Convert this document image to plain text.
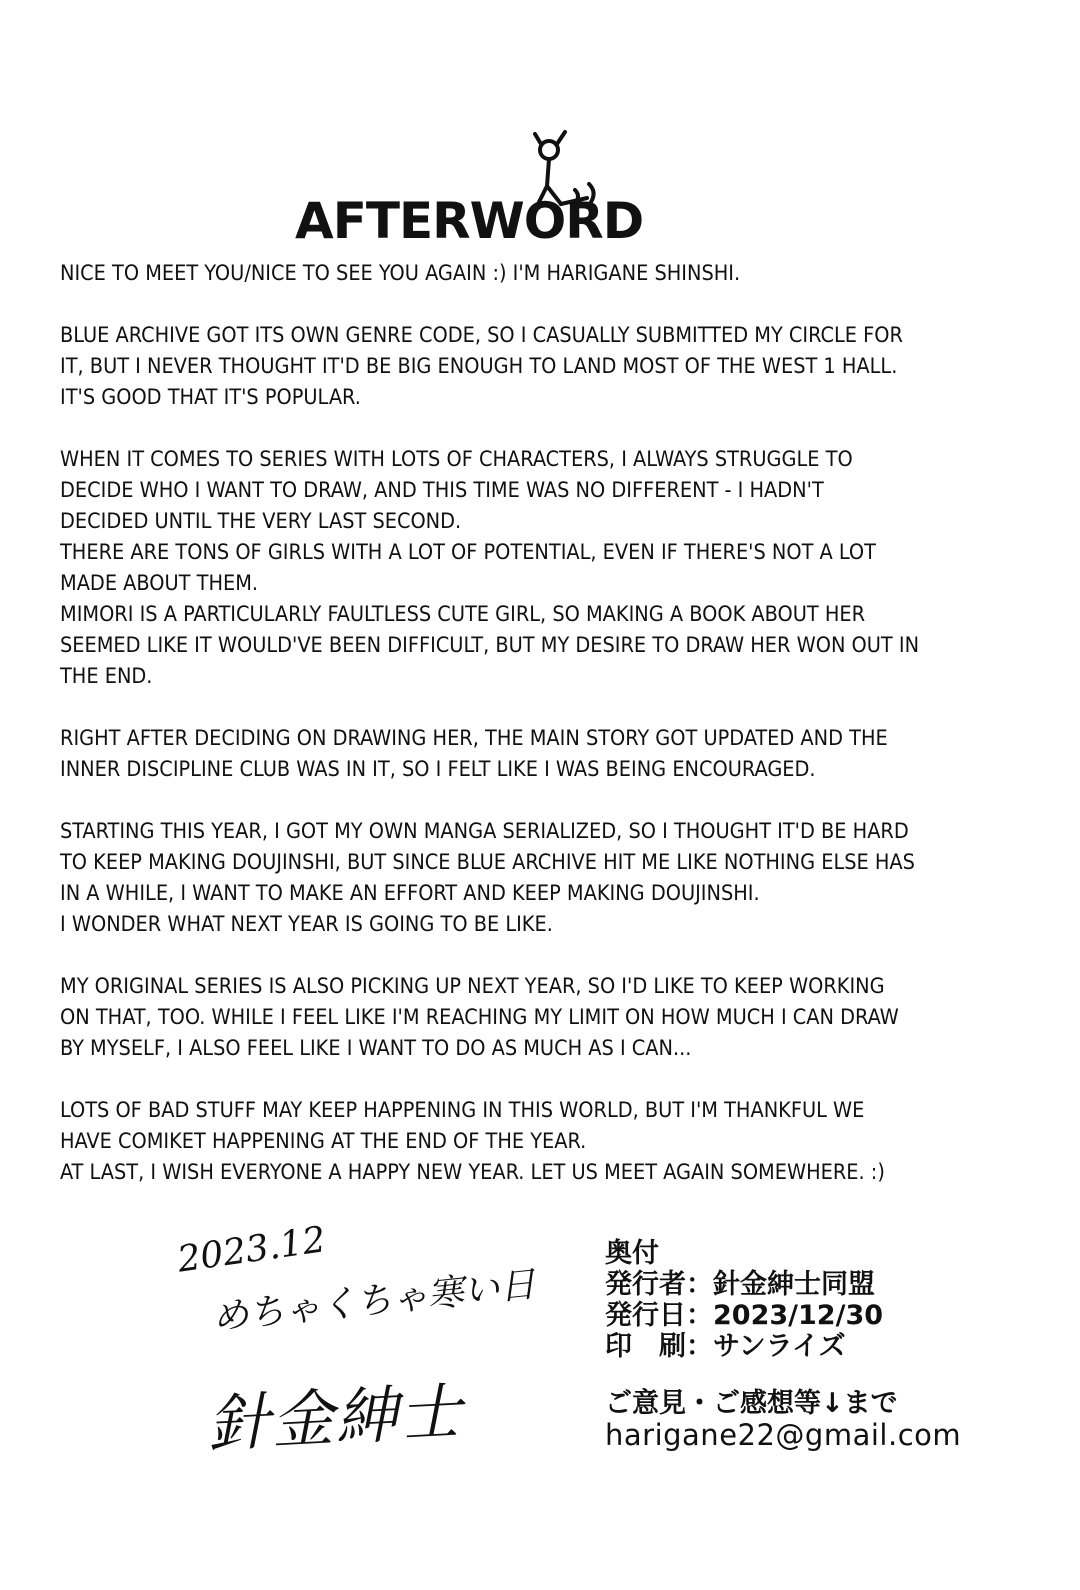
AFTERWORD
NICE TO MEET YOU/NICE TO SEE YOU AGAIN :) I'M HARIGANE SHINSHI.
BLUE ARCHIVE GOT ITS OWN GENRE CODE, SO I CASUALLY SUBMITTED MY CIRCLE FOR
IT, BUT I NEVER THOUGHT IT'D BE BIG ENOUGH TO LAND MOST OF THE WEST 1 HALL.
IT'S GOOD THAT IT'S POPULAR.
WHEN IT COMES TO SERIES WITH LOTS OF CHARACTERS, I ALWAYS STRUGGLE TO
DECIDE WHO I WANT TO DRAW, AND THIS TIME WAS NO DIFFERENT - I HADN'T
DECIDED UNTIL THE VERY LAST SECOND.
THERE ARE TONS OF GIRLS WITH A LOT OF POTENTIAL, EVEN IF THERE'S NOT A LOT
MADE ABOUT THEM.
MIMORI IS A PARTICULARLY FAULTLESS CUTE GIRL, SO MAKING A BOOK ABOUT HER
SEEMED LIKE IT WOULD'VE BEEN DIFFICULT, BUT MY DESIRE TO DRAW HER WON OUT IN
THE END.
RIGHT AFTER DECIDING ON DRAWING HER, THE MAIN STORY GOT UPDATED AND THE
INNER DISCIPLINE CLUB WAS IN IT, SO I FELT LIKE I WAS BEING ENCOURAGED.
STARTING THIS YEAR, I GOT MY OWN MANGA SERIALIZED, SO I THOUGHT IT'D BE HARD
TO KEEP MAKING DOUJINSHI, BUT SINCE BLUE ARCHIVE HIT ME LIKE NOTHING ELSE HAS
IN A WHILE, I WANT TO MAKE AN EFFORT AND KEEP MAKING DOUJINSHI.
I WONDER WHAT NEXT YEAR IS GOING TO BE LIKE.
MY ORIGINAL SERIES IS ALSO PICKING UP NEXT YEAR, SO I'D LIKE TO KEEP WORKING
ON THAT, TOO. WHILE I FEEL LIKE I'M REACHING MY LIMIT ON HOW MUCH I CAN DRAW
BY MYSELF, I ALSO FEEL LIKE I WANT TO DO AS MUCH AS I CAN...
LOTS OF BAD STUFF MAY KEEP HAPPENING IN THIS WORLD, BUT I'M THANKFUL WE
HAVE COMIKET HAPPENING AT THE END OF THE YEAR.
AT LAST, I WISH EVERYONE A HAPPY NEW YEAR. LET US MEET AGAIN SOMEWHERE. :)
2023.12
めちゃくちゃ寒い日
針金紳士
奥付
発行者：針金紳士同盟
発行日：2023/12/30
印　刷：サンライズ
ご意見・ご感想等↓まで
harigane22@gmail.com
